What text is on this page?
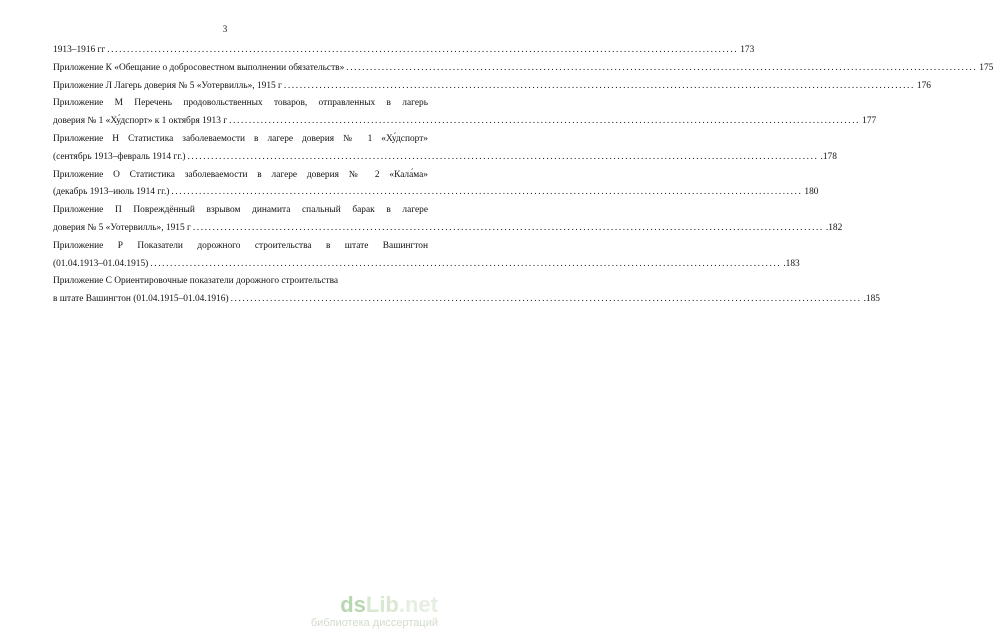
3
1913–1916 гг ................................................................................................................................................................ 173
Приложение К «Обещание о добросовестном выполнении обязательств» ................................................................................................................................................................ 175
Приложение Л Лагерь доверия № 5 «Уотервилль», 1915 г ................................................................................................................................................................ 176
Приложение М Перечень продовольственных товаров, отправленных в лагерь
доверия № 1 «Ху́дспорт» к 1 октября 1913 г ................................................................................................................................................................ 177
Приложение Н Статистика заболеваемости в лагере доверия № 1 «Ху́дспорт»
(сентябрь 1913–февраль 1914 гг.) ................................................................................................................................................................ .178
Приложение О Статистика заболеваемости в лагере доверия № 2 «Кала́ма»
(декабрь 1913–июль 1914 гг.) ................................................................................................................................................................ 180
Приложение П Повреждённый взрывом динамита спальный барак в лагере
доверия № 5 «Уотервилль», 1915 г ................................................................................................................................................................ .182
Приложение Р Показатели дорожного строительства в штате Вашингтон
(01.04.1913–01.04.1915) ................................................................................................................................................................ .183
Приложение С Ориентировочные показатели дорожного строительства
в штате Вашингтон (01.04.1915–01.04.1916) ................................................................................................................................................................ .185
dsLib.net
библиотека диссертаций
